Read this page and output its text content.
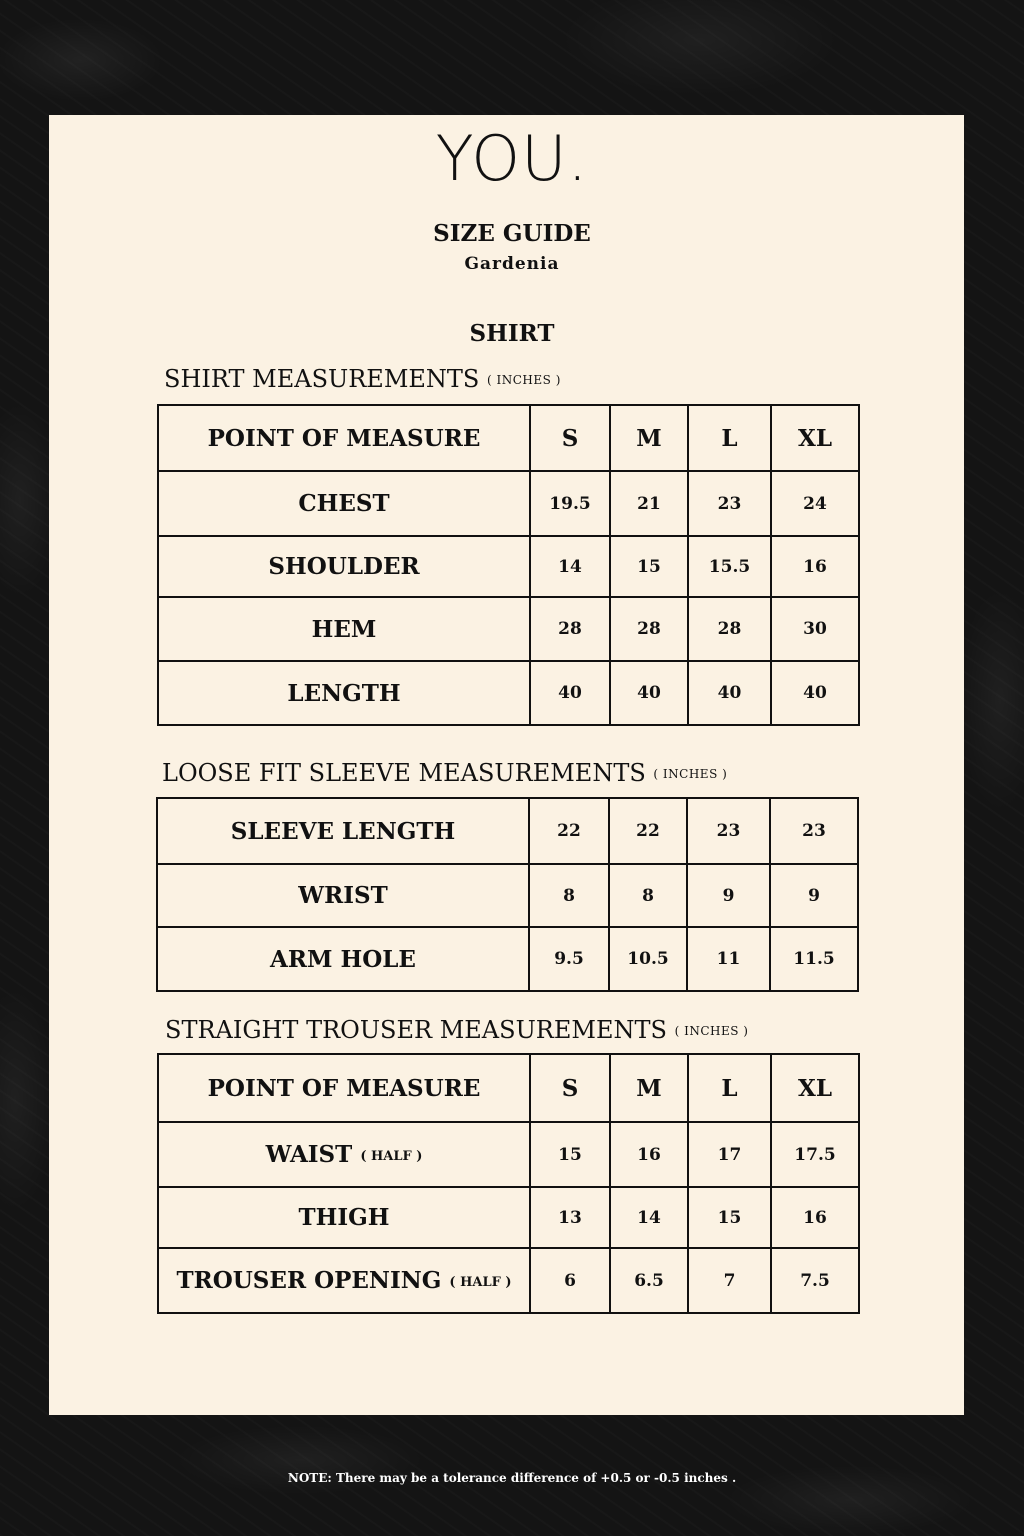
YOU.
SIZE GUIDE
Gardenia
SHIRT
SHIRT MEASUREMENTS ( INCHES )
POINT OF MEASURE	S	M	L	XL
CHEST	19.5	21	23	24
SHOULDER	14	15	15.5	16
HEM	28	28	28	30
LENGTH	40	40	40	40
LOOSE FIT SLEEVE MEASUREMENTS ( INCHES )
SLEEVE LENGTH	22	22	23	23
WRIST	8	8	9	9
ARM HOLE	9.5	10.5	11	11.5
STRAIGHT TROUSER MEASUREMENTS ( INCHES )
POINT OF MEASURE	S	M	L	XL
WAIST ( HALF )	15	16	17	17.5
THIGH	13	14	15	16
TROUSER OPENING ( HALF )	6	6.5	7	7.5
NOTE: There may be a tolerance difference of +0.5 or -0.5 inches .
